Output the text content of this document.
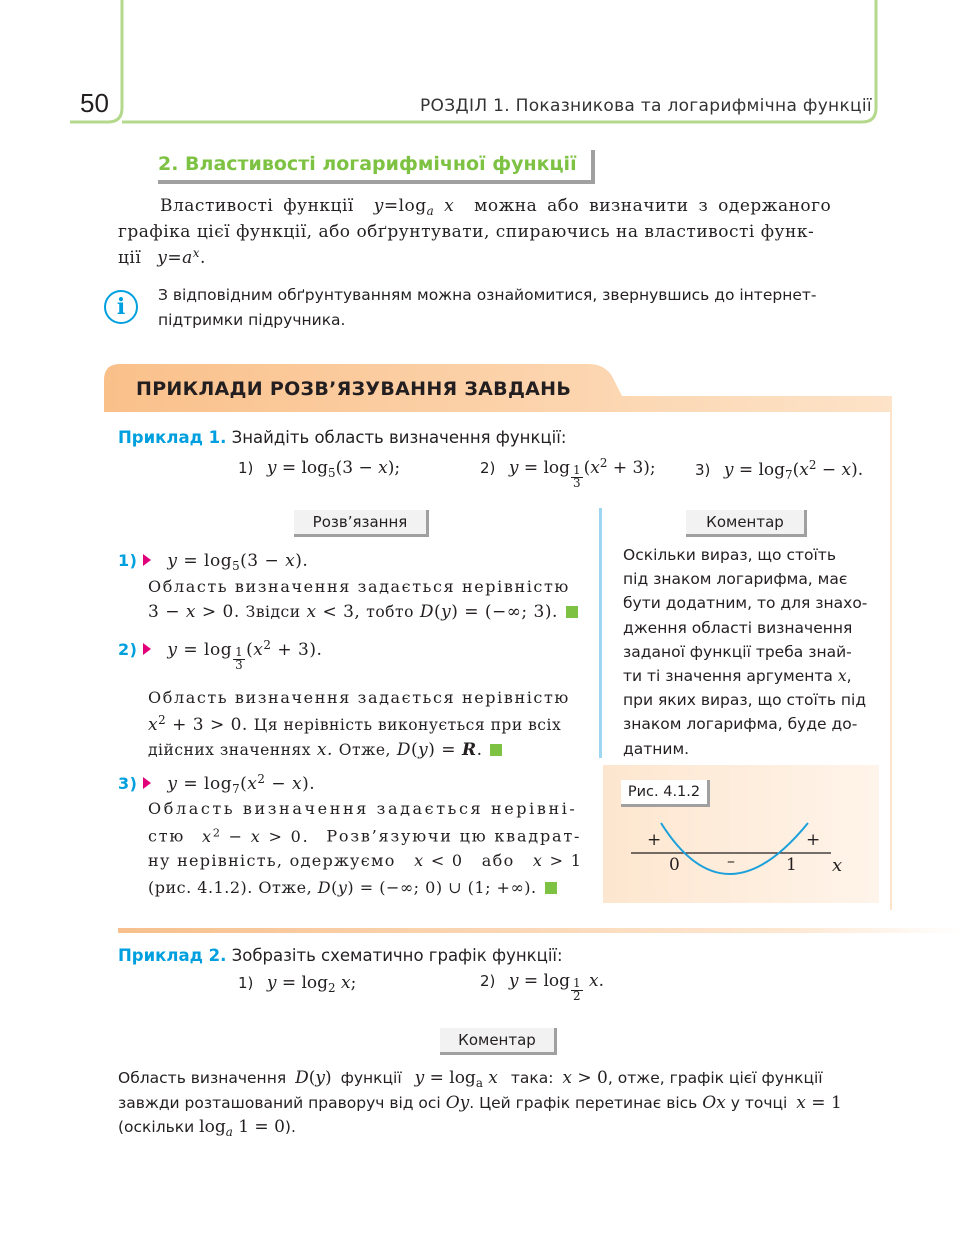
50	РОЗДІЛ 1. Показникова та логарифмічна функції
2. Властивості логарифмічної функції
Властивості функції $y=\log_a$ x можна або визначити з одержаного
графіка цієї функції, або обґрунтувати, спираючись на властивості функ-
ції $y=a^x$.
i	З відповідним обґрунтуванням можна ознайомитися, звернувшись до інтернет-
підтримки підручника.
ПРИКЛАДИ РОЗВ’ЯЗУВАННЯ ЗАВДАНЬ
Приклад 1. Знайдіть область визначення функції:
1) $y = \log_5(3 - x)$;	2) $y = \log \frac{1}{3} (x^2 + 3)$;	3) $y = \log_7(x^2 - x)$.
Розв’язання	Коментар
1) $y = \log_5(3 - x)$.
Область визначення задається нерівністю
3 − x > 0. Звідси x < 3, тобто D(y) = (−∞; 3).
2) $y = \log \frac{1}{3} (x^2 + 3)$.
Область визначення задається нерівністю
$x^2 + 3 > 0$. Ця нерівність виконується при всіх
дійсних значеннях x. Отже, D(y) = R.
3) $y = \log_7(x^2 - x)$.
Область визначення задається нерівні-
стю $x^2 - x > 0$. Розв’язуючи цю квадрат-
ну нерівність, одержуємо x < 0 або x > 1
(рис. 4.1.2). Отже, D(y) = (−∞; 0) ∪ (1; +∞).
Оскільки вираз, що стоїть
під знаком логарифма, має
бути додатним, то для знахо-
дження області визначення
заданої функції треба знай-
ти ті значення аргумента x,
при яких вираз, що стоїть під
знаком логарифма, буде до-
датним.
Рис. 4.1.2
+	+
–
0	1 x
Приклад 2. Зобразіть схематично графік функції:
1) $y = \log_2 x$;	2) $y = \log \frac{1}{2} x$.
Коментар
Область визначення D(y) функції $y = \log_a x$ така: x > 0, отже, графік цієї функції
завжди розташований праворуч від осі Oy. Цей графік перетинає вісь Ox у точці x = 1
(оскільки $\log_a 1 = 0$).
